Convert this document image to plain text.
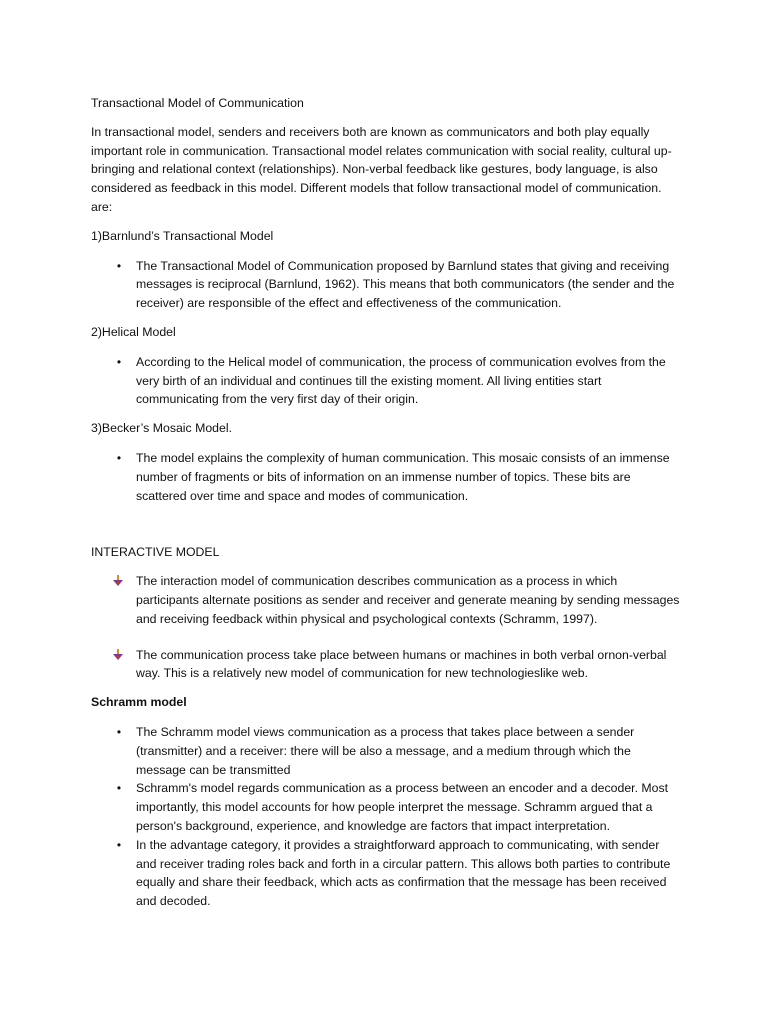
Transactional Model of Communication

In transactional model, senders and receivers both are known as communicators and both play equally important role in communication. Transactional model relates communication with social reality, cultural up-bringing and relational context (relationships). Non-verbal feedback like gestures, body language, is also considered as feedback in this model. Different models that follow transactional model of communication. are:

1)Barnlund’s Transactional Model

•	The Transactional Model of Communication proposed by Barnlund states that giving and receiving messages is reciprocal (Barnlund, 1962). This means that both communicators (the sender and the receiver) are responsible of the effect and effectiveness of the communication.

2)Helical Model

•	According to the Helical model of communication, the process of communication evolves from the very birth of an individual and continues till the existing moment. All living entities start communicating from the very first day of their origin.

3)Becker’s Mosaic Model.

•	The model explains the complexity of human communication. This mosaic consists of an immense number of fragments or bits of information on an immense number of topics. These bits are scattered over time and space and modes of communication.

INTERACTIVE MODEL

The interaction model of communication describes communication as a process in which participants alternate positions as sender and receiver and generate meaning by sending messages and receiving feedback within physical and psychological contexts (Schramm, 1997).
The communication process take place between humans or machines in both verbal ornon-verbal way. This is a relatively new model of communication for new technologieslike web.

Schramm model

•	The Schramm model views communication as a process that takes place between a sender (transmitter) and a receiver: there will be also a message, and a medium through which the message can be transmitted
•	Schramm's model regards communication as a process between an encoder and a decoder. Most importantly, this model accounts for how people interpret the message. Schramm argued that a person's background, experience, and knowledge are factors that impact interpretation.
•	In the advantage category, it provides a straightforward approach to communicating, with sender and receiver trading roles back and forth in a circular pattern. This allows both parties to contribute equally and share their feedback, which acts as confirmation that the message has been received and decoded.
